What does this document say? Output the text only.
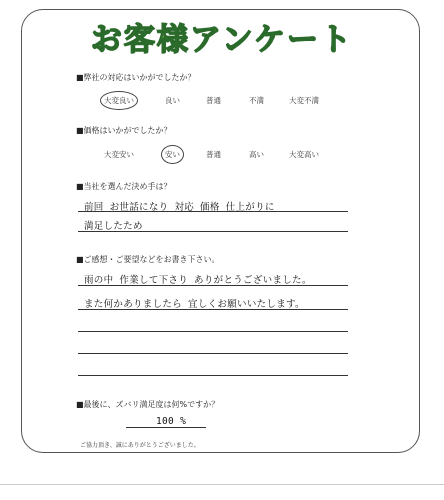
お客様アンケート
■弊社の対応はいかがでしたか？
大変良い	良い	普通	不満	大変不満
■価格はいかがでしたか？
大変安い	安い	普通	高い	大変高い
■当社を選んだ決め手は？
前回 お世話になり 対応 価格 仕上がりに
満足したため
■ご感想・ご要望などをお書き下さい。
雨の中 作業して下さり ありがとうございました。
また何かありましたら 宜しくお願いいたします。
■最後に、ズバリ満足度は何%ですか？
100 %
ご協力頂き、誠にありがとうございました。
